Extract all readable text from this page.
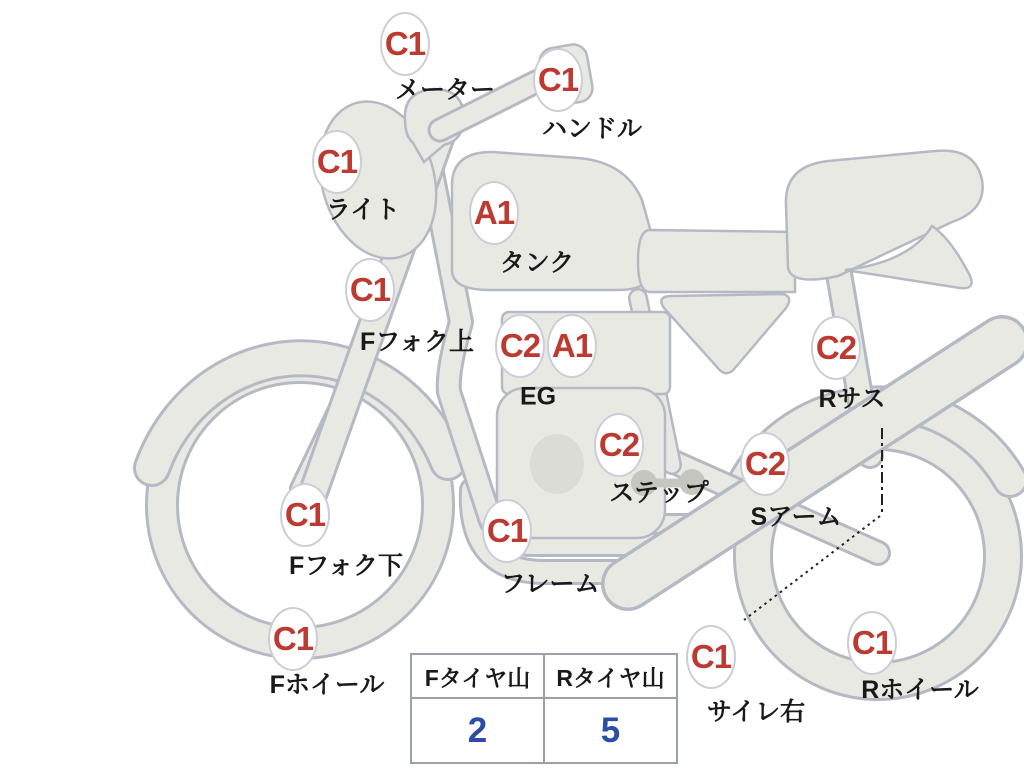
C1
メーター C1
ハンドル
C1
ライト A1
タンク
C1
Fフォク上 C2 A1
EG
C2
Rサス
C2
ステップ
C2
Sアーム
C1
Fフォク下
C1
フレーム
C1
Fホイール
C1
サイレ右
C1
Rホイール
Fタイヤ山	Rタイヤ山
2	5
